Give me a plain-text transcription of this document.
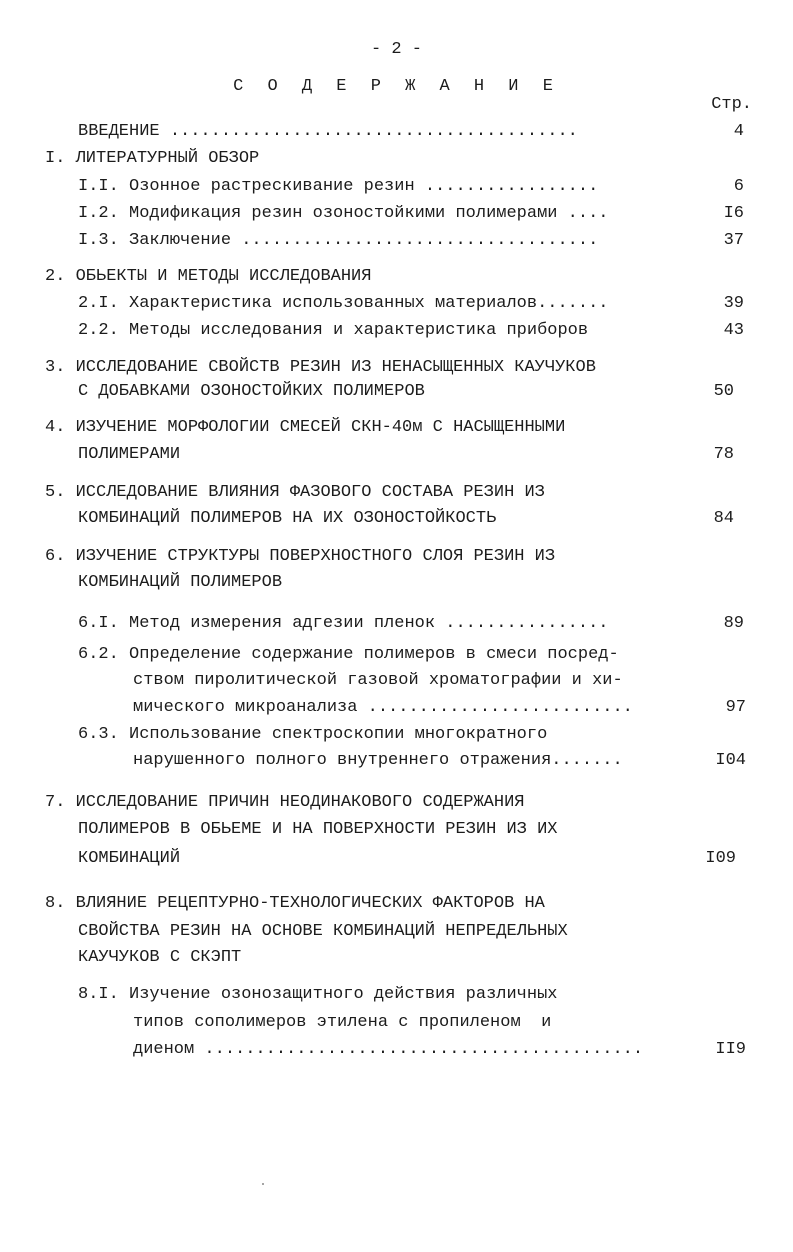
- 2 -
С О Д Е Р Ж А Н И Е
Стр.
ВВЕДЕНИЕ ........................................	4
I. ЛИТЕРАТУРНЫЙ ОБЗОР
I.I. Озонное растрескивание резин .................	6
I.2. Модификация резин озоностойкими полимерами ....	I6
I.3. Заключение ...................................	37
2. ОБЬЕКТЫ И МЕТОДЫ ИССЛЕДОВАНИЯ
2.I. Характеристика использованных материалов.......	39
2.2. Методы исследования и характеристика приборов	43
3. ИССЛЕДОВАНИЕ СВОЙСТВ РЕЗИН ИЗ НЕНАСЫЩЕННЫХ КАУЧУКОВ
С ДОБАВКАМИ ОЗОНОСТОЙКИХ ПОЛИМЕРОВ	50
4. ИЗУЧЕНИЕ МОРФОЛОГИИ СМЕСЕЙ СКН-40м С НАСЫЩЕННЫМИ
ПОЛИМЕРАМИ	78
5. ИССЛЕДОВАНИЕ ВЛИЯНИЯ ФАЗОВОГО СОСТАВА РЕЗИН ИЗ
КОМБИНАЦИЙ ПОЛИМЕРОВ НА ИХ ОЗОНОСТОЙКОСТЬ	84
6. ИЗУЧЕНИЕ СТРУКТУРЫ ПОВЕРХНОСТНОГО СЛОЯ РЕЗИН ИЗ
КОМБИНАЦИЙ ПОЛИМЕРОВ
6.I. Метод измерения адгезии пленок ................	89
6.2. Определение содержание полимеров в смеси посред-
ством пиролитической газовой хроматографии и хи-
мического микроанализа ..........................	97
6.3. Использование спектроскопии многократного
нарушенного полного внутреннего отражения.......	I04
7. ИССЛЕДОВАНИЕ ПРИЧИН НЕОДИНАКОВОГО СОДЕРЖАНИЯ
ПОЛИМЕРОВ В ОБЬЕМЕ И НА ПОВЕРХНОСТИ РЕЗИН ИЗ ИХ
КОМБИНАЦИЙ	I09
8. ВЛИЯНИЕ РЕЦЕПТУРНО-ТЕХНОЛОГИЧЕСКИХ ФАКТОРОВ НА
СВОЙСТВА РЕЗИН НА ОСНОВЕ КОМБИНАЦИЙ НЕПРЕДЕЛЬНЫХ
КАУЧУКОВ С СКЭПТ
8.I. Изучение озонозащитного действия различных
типов сополимеров этилена с пропиленом  и
диеном ...........................................	II9
